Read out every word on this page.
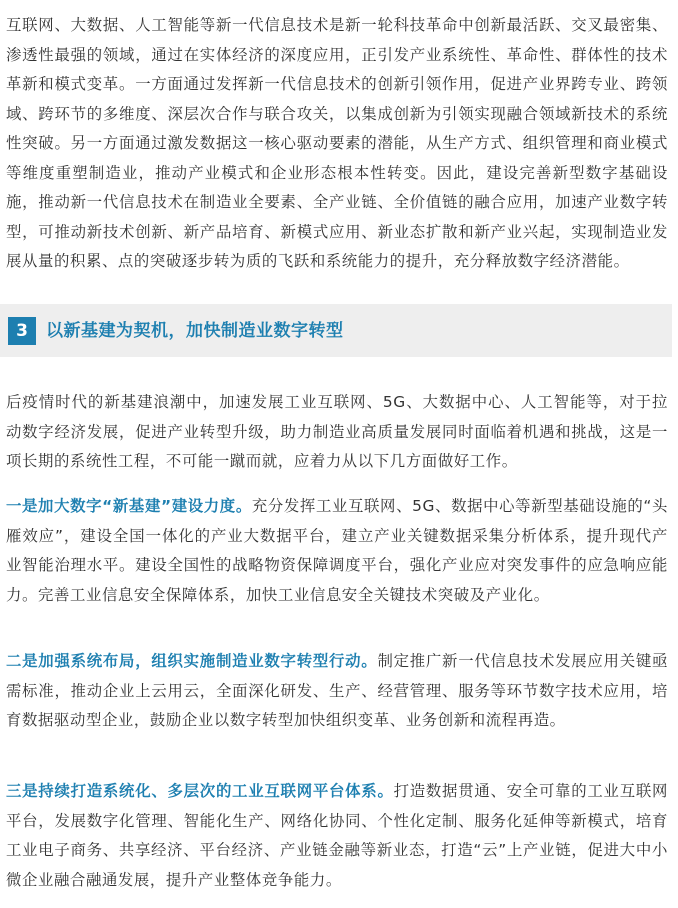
互联网、大数据、人工智能等新一代信息技术是新一轮科技革命中创新最活跃、交叉最密集、渗透性最强的领域，通过在实体经济的深度应用，正引发产业系统性、革命性、群体性的技术革新和模式变革。一方面通过发挥新一代信息技术的创新引领作用，促进产业界跨专业、跨领域、跨环节的多维度、深层次合作与联合攻关，以集成创新为引领实现融合领域新技术的系统性突破。另一方面通过激发数据这一核心驱动要素的潜能，从生产方式、组织管理和商业模式等维度重塑制造业，推动产业模式和企业形态根本性转变。因此，建设完善新型数字基础设施，推动新一代信息技术在制造业全要素、全产业链、全价值链的融合应用，加速产业数字转型，可推动新技术创新、新产品培育、新模式应用、新业态扩散和新产业兴起，实现制造业发展从量的积累、点的突破逐步转为质的飞跃和系统能力的提升，充分释放数字经济潜能。

3	以新基建为契机，加快制造业数字转型

后疫情时代的新基建浪潮中，加速发展工业互联网、5G、大数据中心、人工智能等，对于拉动数字经济发展，促进产业转型升级，助力制造业高质量发展同时面临着机遇和挑战，这是一项长期的系统性工程，不可能一蹴而就，应着力从以下几方面做好工作。

一是加大数字“新基建”建设力度。充分发挥工业互联网、5G、数据中心等新型基础设施的“头雁效应”，建设全国一体化的产业大数据平台，建立产业关键数据采集分析体系，提升现代产业智能治理水平。建设全国性的战略物资保障调度平台，强化产业应对突发事件的应急响应能力。完善工业信息安全保障体系，加快工业信息安全关键技术突破及产业化。

二是加强系统布局，组织实施制造业数字转型行动。制定推广新一代信息技术发展应用关键亟需标准，推动企业上云用云，全面深化研发、生产、经营管理、服务等环节数字技术应用，培育数据驱动型企业，鼓励企业以数字转型加快组织变革、业务创新和流程再造。

三是持续打造系统化、多层次的工业互联网平台体系。打造数据贯通、安全可靠的工业互联网平台，发展数字化管理、智能化生产、网络化协同、个性化定制、服务化延伸等新模式，培育工业电子商务、共享经济、平台经济、产业链金融等新业态，打造“云”上产业链，促进大中小微企业融合融通发展，提升产业整体竞争能力。
